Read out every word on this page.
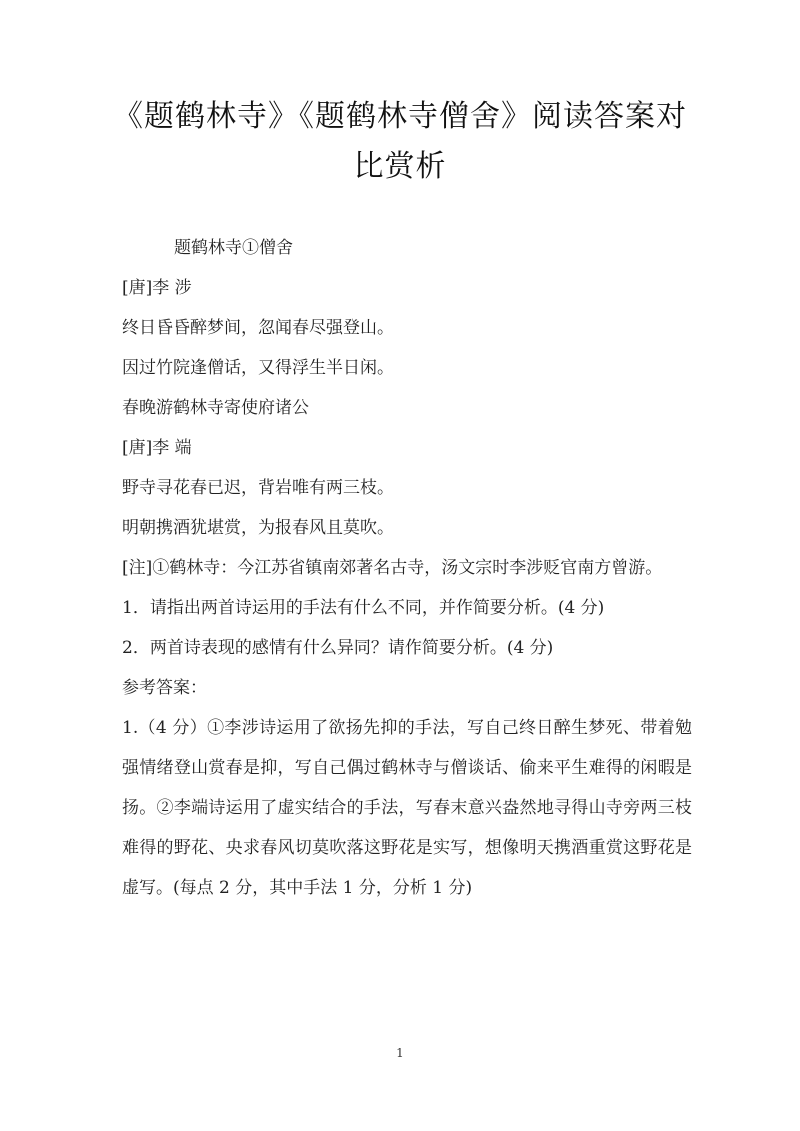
《题鹤林寺》《题鹤林寺僧舍》阅读答案对比赏析

题鹤林寺①僧舍

[唐]李 涉

终日昏昏醉梦间，忽闻春尽强登山。

因过竹院逢僧话，又得浮生半日闲。

春晚游鹤林寺寄使府诸公

[唐]李 端

野寺寻花春已迟，背岩唯有两三枝。

明朝携酒犹堪赏，为报春风且莫吹。

[注]①鹤林寺：今江苏省镇南郊著名古寺，汤文宗时李涉贬官南方曾游。

1．请指出两首诗运用的手法有什么不同，并作简要分析。(4 分)

2．两首诗表现的感情有什么异同？请作简要分析。(4 分)

参考答案：

1.（4 分）①李涉诗运用了欲扬先抑的手法，写自己终日醉生梦死、带着勉强情绪登山赏春是抑，写自己偶过鹤林寺与僧谈话、偷来平生难得的闲暇是扬。②李端诗运用了虚实结合的手法，写春末意兴盎然地寻得山寺旁两三枝难得的野花、央求春风切莫吹落这野花是实写，想像明天携酒重赏这野花是虚写。(每点 2 分，其中手法 1 分，分析 1 分)

1
